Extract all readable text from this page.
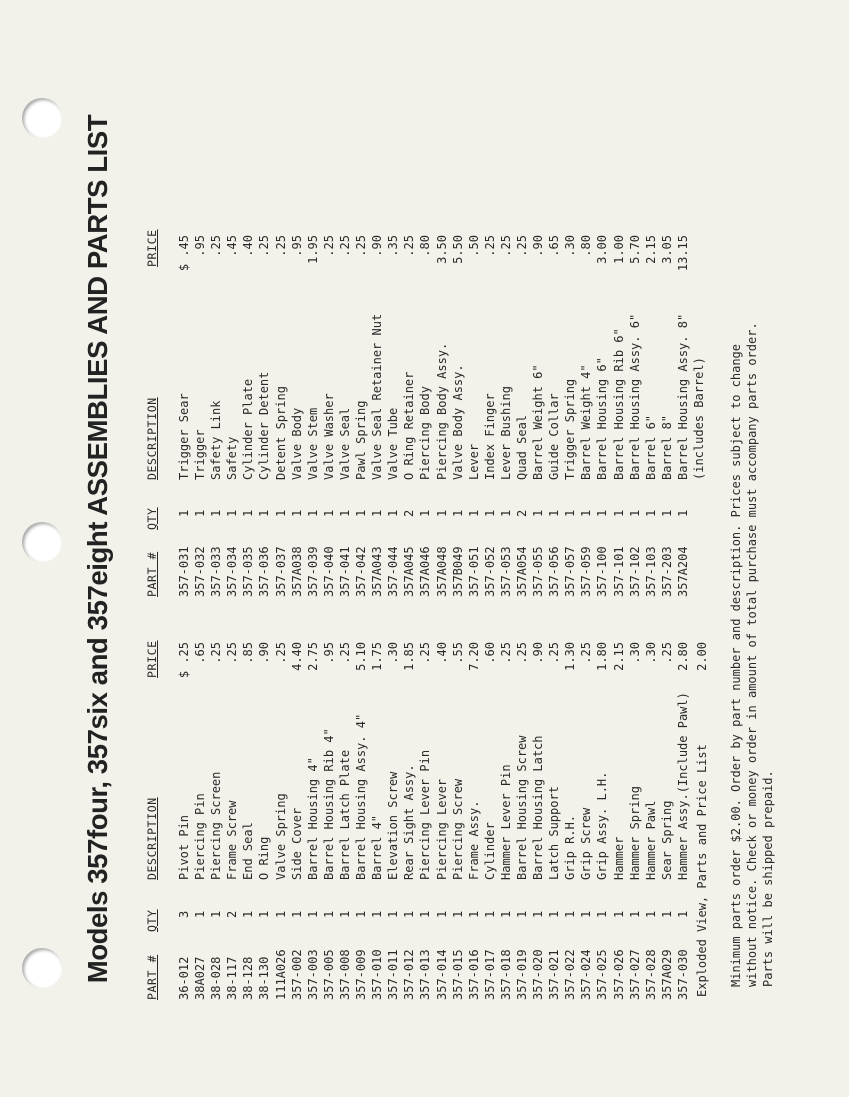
Models 357four, 357six and 357eight ASSEMBLIES AND PARTS LIST	PART #
QTY
DESCRIPTION
PRICE
PART #
QTY
DESCRIPTION
PRICE
36-012 38A027 38-028 38-117 38-128 38-130 111A026 357-002 357-003 357-005 357-008 357-009 357-010 357-011 357-012 357-013 357-014 357-015 357-016 357-017 357-018 357-019 357-020 357-021 357-022 357-024 357-025 357-026 357-027 357-028 357A029 357-030
3 1 1 2 1 1 1 1 1 1 1 1 1 1 1 1 1 1 1 1 1 1 1 1 1 1 1 1 1 1 1 1
Pivot Pin Piercing Pin Piercing Screen Frame Screw End Seal O Ring Valve Spring Side Cover Barrel Housing 4" Barrel Housing Rib 4" Barrel Latch Plate Barrel Housing Assy. 4" Barrel 4" Elevation Screw Rear Sight Assy. Piercing Lever Pin Piercing Lever Piercing Screw Frame Assy. Cylinder Hammer Lever Pin Barrel Housing Screw Barrel Housing Latch Latch Support Grip R.H. Grip Screw Grip Assy. L.H. Hammer Hammer Spring Hammer Pawl Sear Spring Hammer Assy.(Include Pawl)
$ .25 .65 .25 .25 .85 .90 .25 4.40 2.75 .95 .25 5.10 1.75 .30 1.85 .25 .40 .55 7.20 .60 .25 .25 .90 .25 1.30 .25 1.80 2.15 .30 .30 .25 2.80
357-031 357-032 357-033 357-034 357-035 357-036 357-037 357A038 357-039 357-040 357-041 357-042 357A043 357-044 357A045 357A046 357A048 357B049 357-051 357-052 357-053 357A054 357-055 357-056 357-057 357-059 357-100 357-101 357-102 357-103 357-203 357A204
1 1 1 1 1 1 1 1 1 1 1 1 1 1 2 1 1 1 1 1 1 2 1 1 1 1 1 1 1 1 1 1
Trigger Sear Trigger Safety Link Safety Cylinder Plate Cylinder Detent Detent Spring Valve Body Valve Stem Valve Washer Valve Seal Pawl Spring Valve Seal Retainer Nut Valve Tube O Ring Retainer Piercing Body Piercing Body Assy. Valve Body Assy. Lever Index Finger Lever Bushing Quad Seal Barrel Weight 6" Guide Collar Trigger Spring Barrel Weight 4" Barrel Housing 6" Barrel Housing Rib 6" Barrel Housing Assy. 6" Barrel 6" Barrel 8" Barrel Housing Assy. 8" (includes Barrel)
$ .45 .95 .25 .45 .40 .25 .25 .95 1.95 .25 .25 .25 .90 .35 .25 .80 3.50 5.50 .50 .25 .25 .25 .90 .65 .30 .80 3.00 1.00 5.70 2.15 3.05 13.15
Exploded View, Parts and Price List
2.00 Minimum parts order $2.00. Order by part number and description. Prices subject to change without notice. Check or money order in amount of total purchase must accompany parts order. Parts will be shipped prepaid.
